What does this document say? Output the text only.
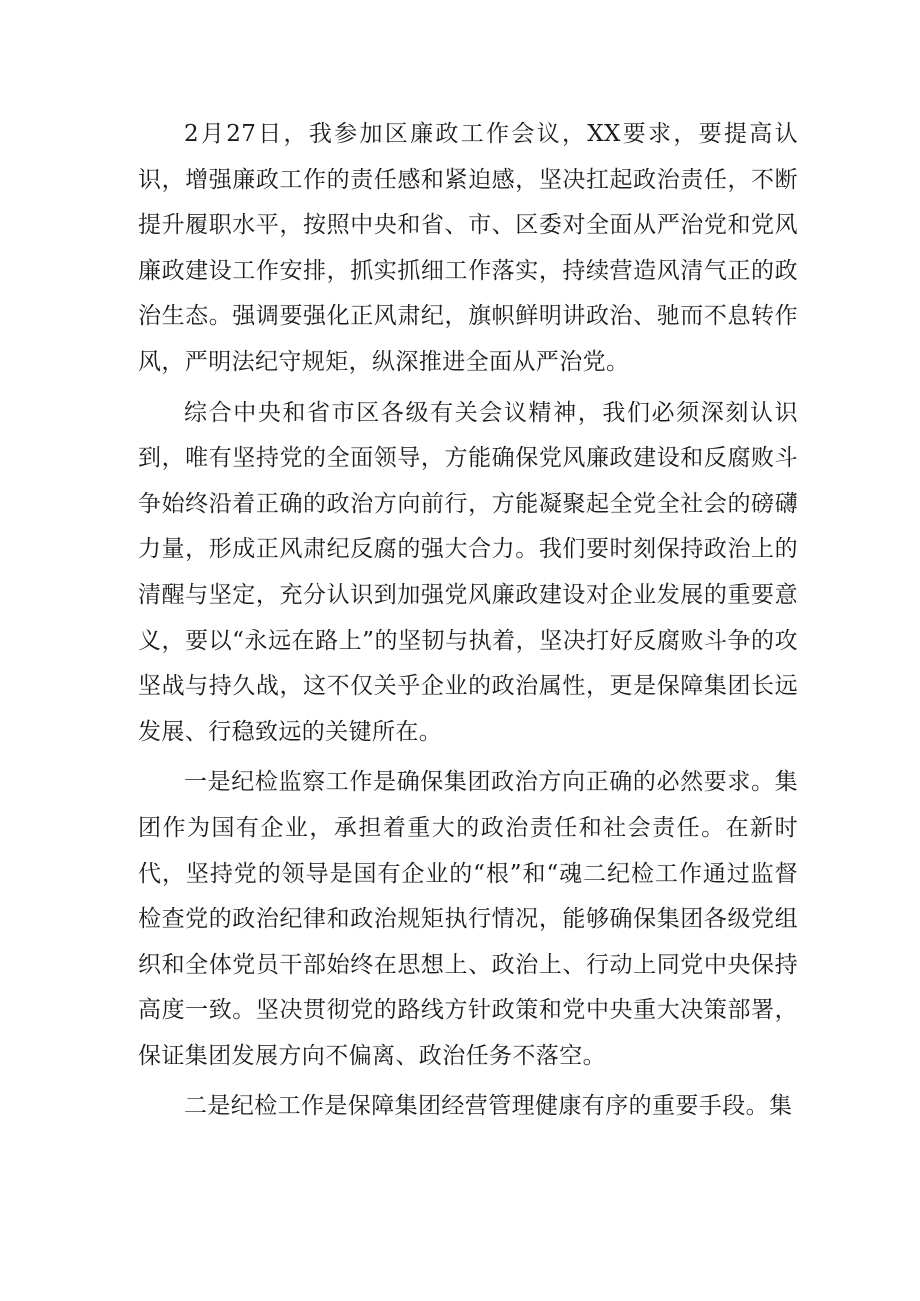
2月27日，我参加区廉政工作会议，XX要求，要提高认识，增强廉政工作的责任感和紧迫感，坚决扛起政治责任，不断提升履职水平，按照中央和省、市、区委对全面从严治党和党风廉政建设工作安排，抓实抓细工作落实，持续营造风清气正的政治生态。强调要强化正风肃纪，旗帜鲜明讲政治、驰而不息转作风，严明法纪守规矩，纵深推进全面从严治党。

综合中央和省市区各级有关会议精神，我们必须深刻认识到，唯有坚持党的全面领导，方能确保党风廉政建设和反腐败斗争始终沿着正确的政治方向前行，方能凝聚起全党全社会的磅礴力量，形成正风肃纪反腐的强大合力。我们要时刻保持政治上的清醒与坚定，充分认识到加强党风廉政建设对企业发展的重要意义，要以“永远在路上”的坚韧与执着，坚决打好反腐败斗争的攻坚战与持久战，这不仅关乎企业的政治属性，更是保障集团长远发展、行稳致远的关键所在。

一是纪检监察工作是确保集团政治方向正确的必然要求。集团作为国有企业，承担着重大的政治责任和社会责任。在新时代，坚持党的领导是国有企业的“根”和“魂二纪检工作通过监督检查党的政治纪律和政治规矩执行情况，能够确保集团各级党组织和全体党员干部始终在思想上、政治上、行动上同党中央保持高度一致。坚决贯彻党的路线方针政策和党中央重大决策部署，保证集团发展方向不偏离、政治任务不落空。

二是纪检工作是保障集团经营管理健康有序的重要手段。集
